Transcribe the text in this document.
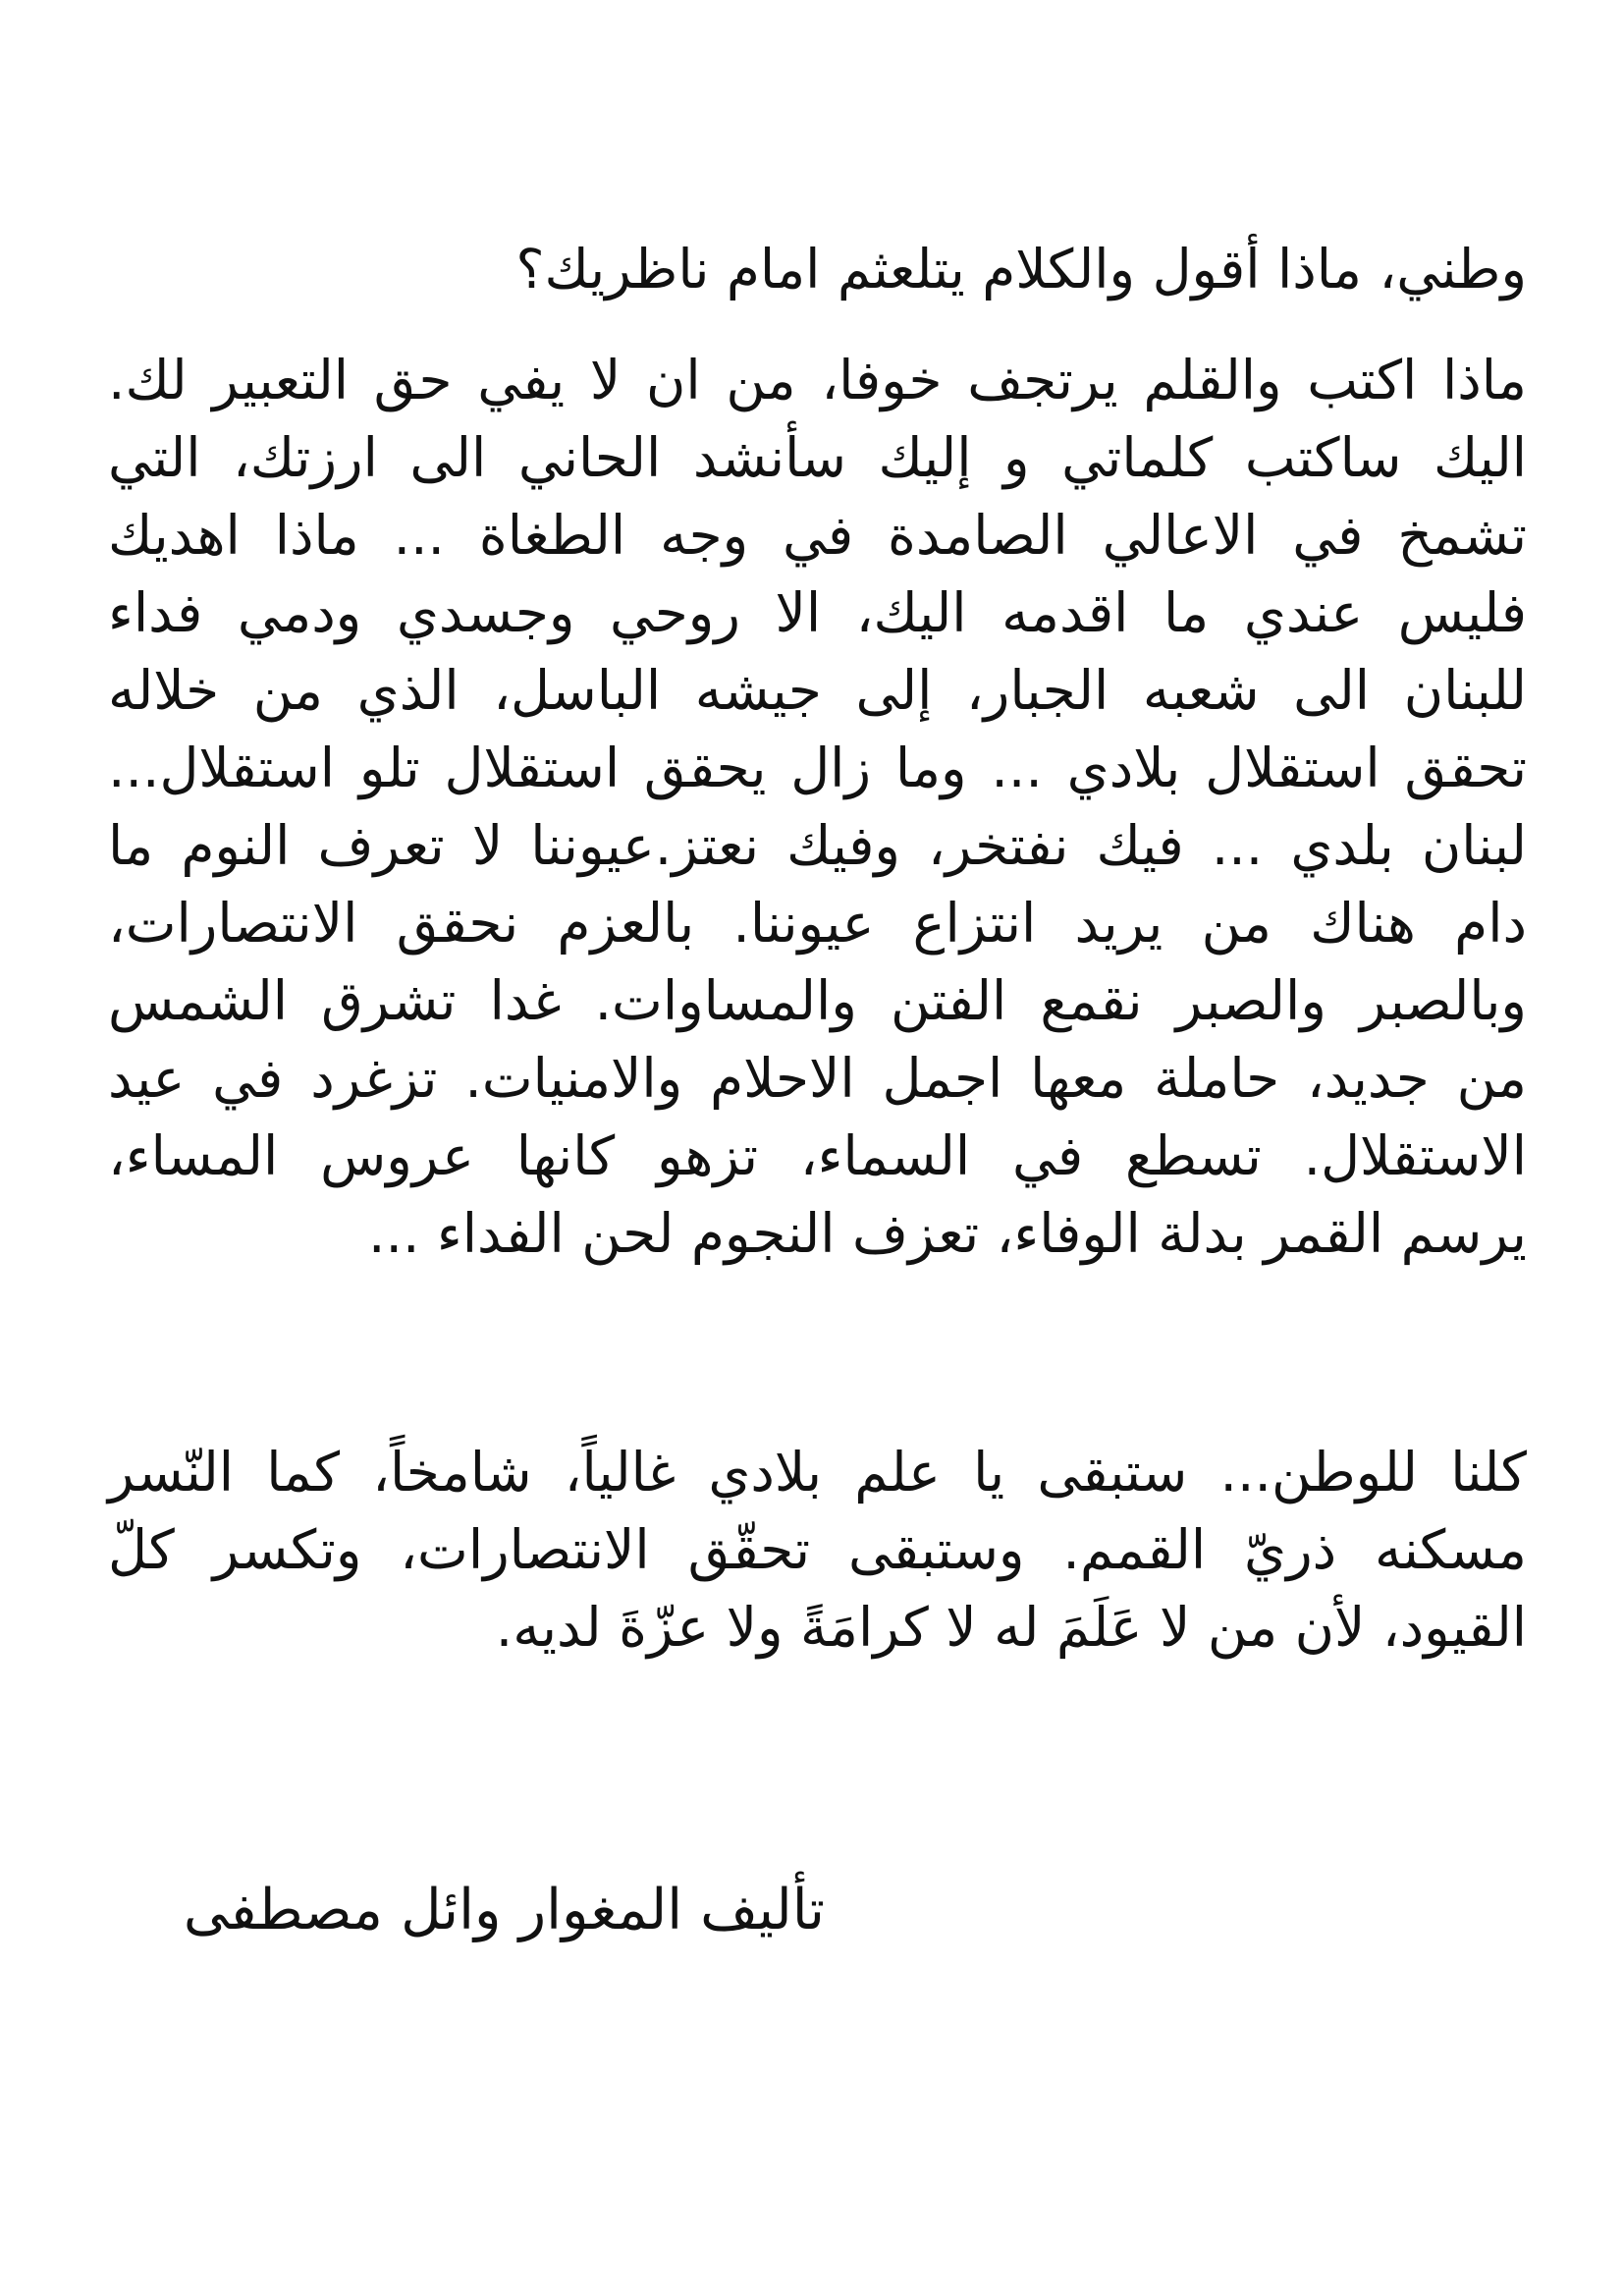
وطني، ماذا أقول والكلام يتلعثم امام ناظريك؟
ماذا اكتب والقلم يرتجف خوفا، من ان لا يفي حق التعبير لك.
اليك ساكتب كلماتي و إليك سأنشد الحاني الى ارزتك، التي
تشمخ في الاعالي الصامدة في وجه الطغاة ... ماذا اهديك
فليس عندي ما اقدمه اليك، الا روحي وجسدي ودمي فداء
للبنان الى شعبه الجبار، إلى جيشه الباسل، الذي من خلاله
تحقق استقلال بلادي ... وما زال يحقق استقلال تلو استقلال...
لبنان بلدي ... فيك نفتخر، وفيك نعتز.عيوننا لا تعرف النوم ما
دام هناك من يريد انتزاع عيوننا. بالعزم نحقق الانتصارات،
وبالصبر والصبر نقمع الفتن والمساوات. غدا تشرق الشمس
من جديد، حاملة معها اجمل الاحلام والامنيات. تزغرد في عيد
الاستقلال. تسطع في السماء، تزهو كانها عروس المساء،
يرسم القمر بدلة الوفاء، تعزف النجوم لحن الفداء ...
كلنا للوطن... ستبقى يا علم بلادي غالياً، شامخاً، كما النّسر
مسكنه ذريّ القمم. وستبقى تحقّق الانتصارات، وتكسر كلّ
القيود، لأن من لا عَلَمَ له لا كرامَةً ولا عزّةَ لديه.
تأليف المغوار وائل مصطفى
